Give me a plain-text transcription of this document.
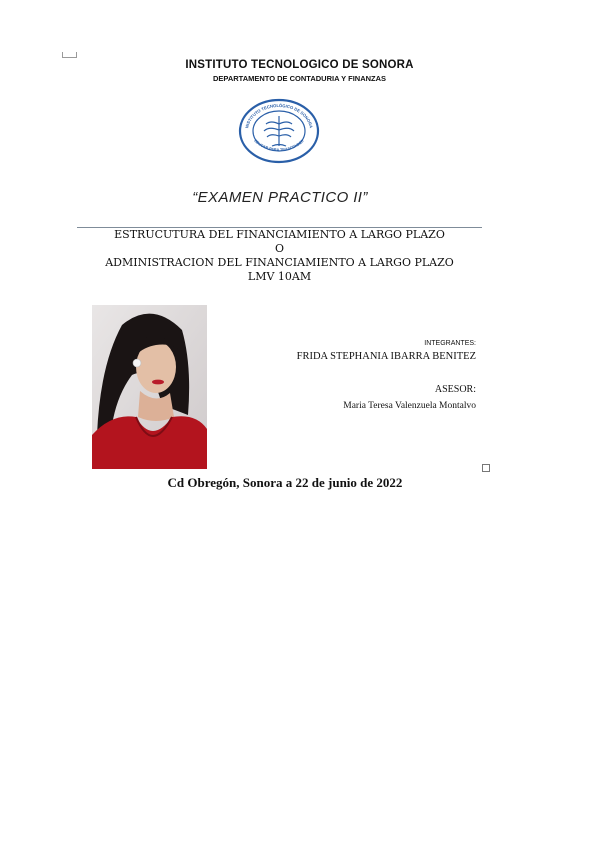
INSTITUTO TECNOLOGICO DE SONORA
DEPARTAMENTO DE CONTADURIA Y FINANZAS
INSTITUTO TECNOLÓGICO DE SONORA
EDUCAR PARA TRASCENDER
“EXAMEN PRACTICO II”
ESTRUCUTURA DEL FINANCIAMIENTO A LARGO PLAZO
O
ADMINISTRACION DEL FINANCIAMIENTO A LARGO PLAZO
LMV 10AM
INTEGRANTES:
FRIDA STEPHANIA IBARRA BENITEZ
ASESOR:
Maria Teresa Valenzuela Montalvo
Cd Obregón, Sonora a 22 de junio de 2022
